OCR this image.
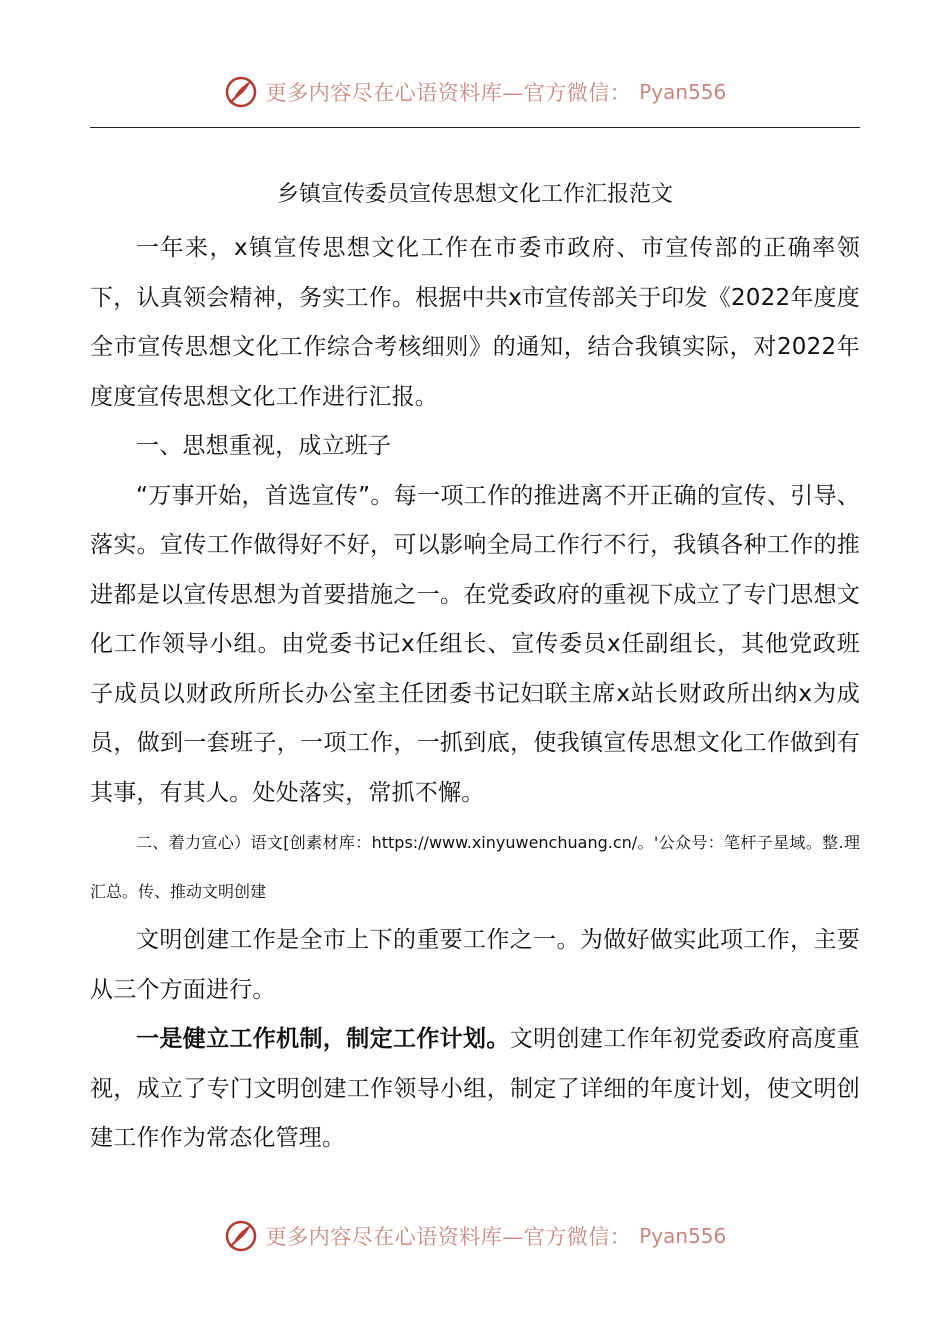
更多内容尽在心语资料库—官方微信： Pyan556

乡镇宣传委员宣传思想文化工作汇报范文

一年来，x镇宣传思想文化工作在市委市政府、市宣传部的正确率领下，认真领会精神，务实工作。根据中共x市宣传部关于印发《2022年度度全市宣传思想文化工作综合考核细则》的通知，结合我镇实际，对2022年度度宣传思想文化工作进行汇报。

一、思想重视，成立班子

“万事开始，首选宣传”。每一项工作的推进离不开正确的宣传、引导、落实。宣传工作做得好不好，可以影响全局工作行不行，我镇各种工作的推进都是以宣传思想为首要措施之一。在党委政府的重视下成立了专门思想文化工作领导小组。由党委书记x任组长、宣传委员x任副组长，其他党政班子成员以财政所所长办公室主任团委书记妇联主席x站长财政所出纳x为成员，做到一套班子，一项工作，一抓到底，使我镇宣传思想文化工作做到有其事，有其人。处处落实，常抓不懈。

二、着力宣心）语文[创素材库：https://www.xinyuwenchuang.cn/。'公众号：笔杆子星域。整.理汇总。传、推动文明创建

文明创建工作是全市上下的重要工作之一。为做好做实此项工作，主要从三个方面进行。

一是健立工作机制，制定工作计划。文明创建工作年初党委政府高度重视，成立了专门文明创建工作领导小组，制定了详细的年度计划，使文明创建工作作为常态化管理。

更多内容尽在心语资料库—官方微信： Pyan556
